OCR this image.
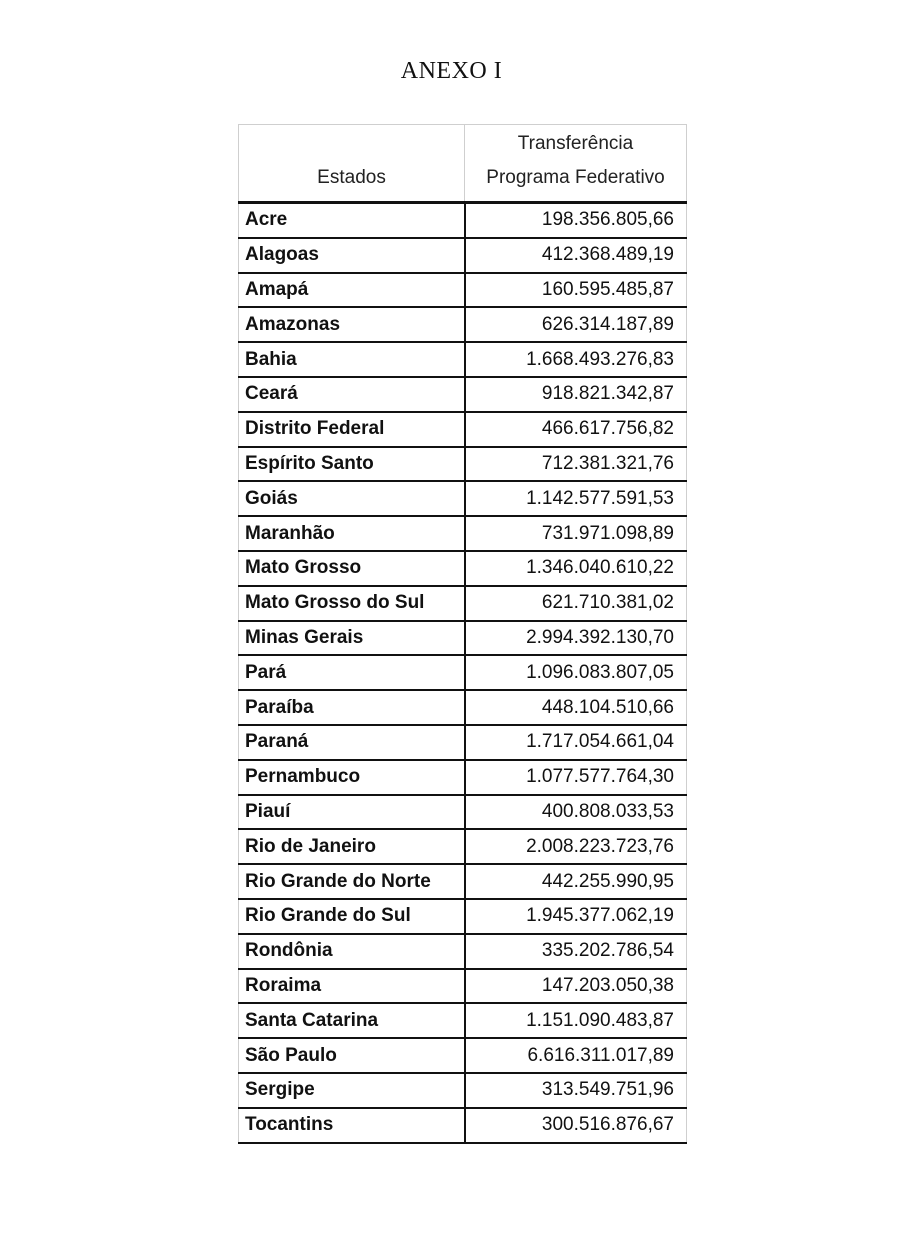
ANEXO I
Estados	Transferência
Programa Federativo
Acre	198.356.805,66
Alagoas	412.368.489,19
Amapá	160.595.485,87
Amazonas	626.314.187,89
Bahia	1.668.493.276,83
Ceará	918.821.342,87
Distrito Federal	466.617.756,82
Espírito Santo	712.381.321,76
Goiás	1.142.577.591,53
Maranhão	731.971.098,89
Mato Grosso	1.346.040.610,22
Mato Grosso do Sul	621.710.381,02
Minas Gerais	2.994.392.130,70
Pará	1.096.083.807,05
Paraíba	448.104.510,66
Paraná	1.717.054.661,04
Pernambuco	1.077.577.764,30
Piauí	400.808.033,53
Rio de Janeiro	2.008.223.723,76
Rio Grande do Norte	442.255.990,95
Rio Grande do Sul	1.945.377.062,19
Rondônia	335.202.786,54
Roraima	147.203.050,38
Santa Catarina	1.151.090.483,87
São Paulo	6.616.311.017,89
Sergipe	313.549.751,96
Tocantins	300.516.876,67
